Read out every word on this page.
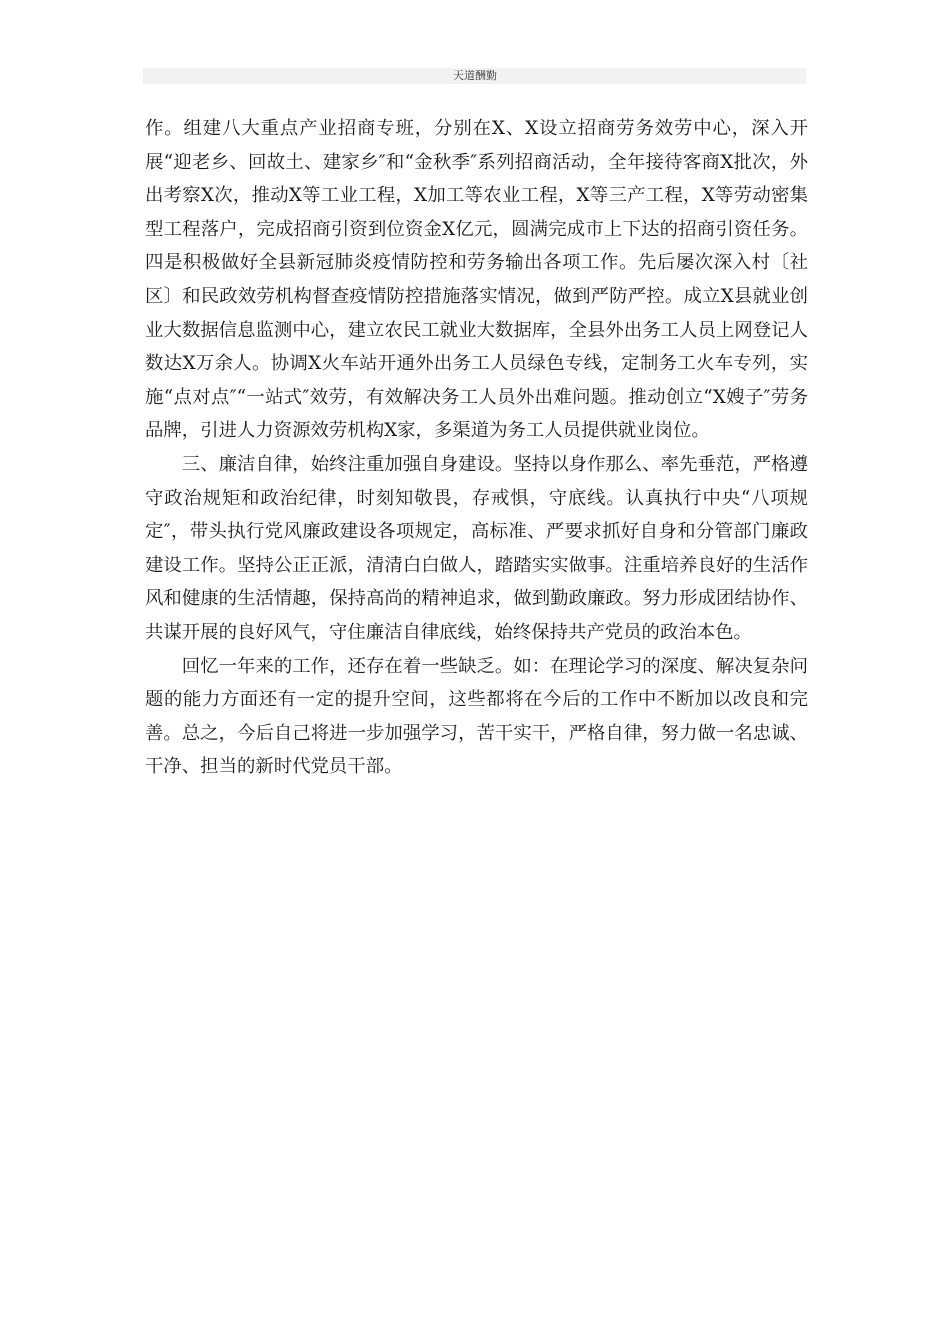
天道酬勤

作。组建八大重点产业招商专班，分别在X、X设立招商劳务效劳中心，深入开展“迎老乡、回故土、建家乡″和“金秋季″系列招商活动，全年接待客商X批次，外出考察X次，推动X等工业工程，X加工等农业工程，X等三产工程，X等劳动密集型工程落户，完成招商引资到位资金X亿元，圆满完成市上下达的招商引资任务。四是积极做好全县新冠肺炎疫情防控和劳务输出各项工作。先后屡次深入村〔社区〕和民政效劳机构督查疫情防控措施落实情况，做到严防严控。成立X县就业创业大数据信息监测中心，建立农民工就业大数据库，全县外出务工人员上网登记人数达X万余人。协调X火车站开通外出务工人员绿色专线，定制务工火车专列，实施“点对点″“一站式″效劳，有效解决务工人员外出难问题。推动创立“X嫂子″劳务品牌，引进人力资源效劳机构X家，多渠道为务工人员提供就业岗位。

三、廉洁自律，始终注重加强自身建设。坚持以身作那么、率先垂范，严格遵守政治规矩和政治纪律，时刻知敬畏，存戒惧，守底线。认真执行中央“八项规定″，带头执行党风廉政建设各项规定，高标准、严要求抓好自身和分管部门廉政建设工作。坚持公正正派，清清白白做人，踏踏实实做事。注重培养良好的生活作风和健康的生活情趣，保持高尚的精神追求，做到勤政廉政。努力形成团结协作、共谋开展的良好风气，守住廉洁自律底线，始终保持共产党员的政治本色。

回忆一年来的工作，还存在着一些缺乏。如：在理论学习的深度、解决复杂问题的能力方面还有一定的提升空间，这些都将在今后的工作中不断加以改良和完善。总之，今后自己将进一步加强学习，苦干实干，严格自律，努力做一名忠诚、干净、担当的新时代党员干部。
